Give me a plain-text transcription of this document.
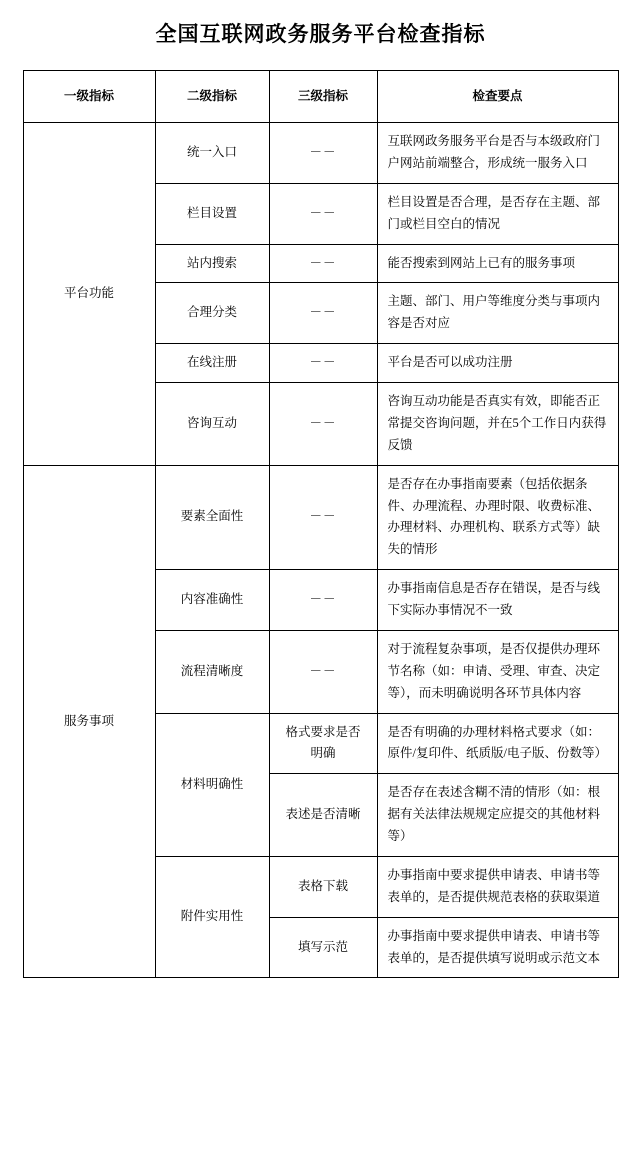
全国互联网政务服务平台检查指标
一级指标	二级指标	三级指标	检查要点
平台功能	统一入口	－－	互联网政务服务平台是否与本级政府门户网站前端整合，形成统一服务入口
	栏目设置	－－	栏目设置是否合理，是否存在主题、部门或栏目空白的情况
	站内搜索	－－	能否搜索到网站上已有的服务事项
	合理分类	－－	主题、部门、用户等维度分类与事项内容是否对应
	在线注册	－－	平台是否可以成功注册
	咨询互动	－－	咨询互动功能是否真实有效，即能否正常提交咨询问题，并在5个工作日内获得反馈
服务事项	要素全面性	－－	是否存在办事指南要素（包括依据条件、办理流程、办理时限、收费标准、办理材料、办理机构、联系方式等）缺失的情形
	内容准确性	－－	办事指南信息是否存在错误，是否与线下实际办事情况不一致
	流程清晰度	－－	对于流程复杂事项，是否仅提供办理环节名称（如：申请、受理、审查、决定等），而未明确说明各环节具体内容
	材料明确性	格式要求是否明确	是否有明确的办理材料格式要求（如：原件/复印件、纸质版/电子版、份数等）
		表述是否清晰	是否存在表述含糊不清的情形（如：根据有关法律法规规定应提交的其他材料等）
	附件实用性	表格下载	办事指南中要求提供申请表、申请书等表单的，是否提供规范表格的获取渠道
		填写示范	办事指南中要求提供申请表、申请书等表单的，是否提供填写说明或示范文本
